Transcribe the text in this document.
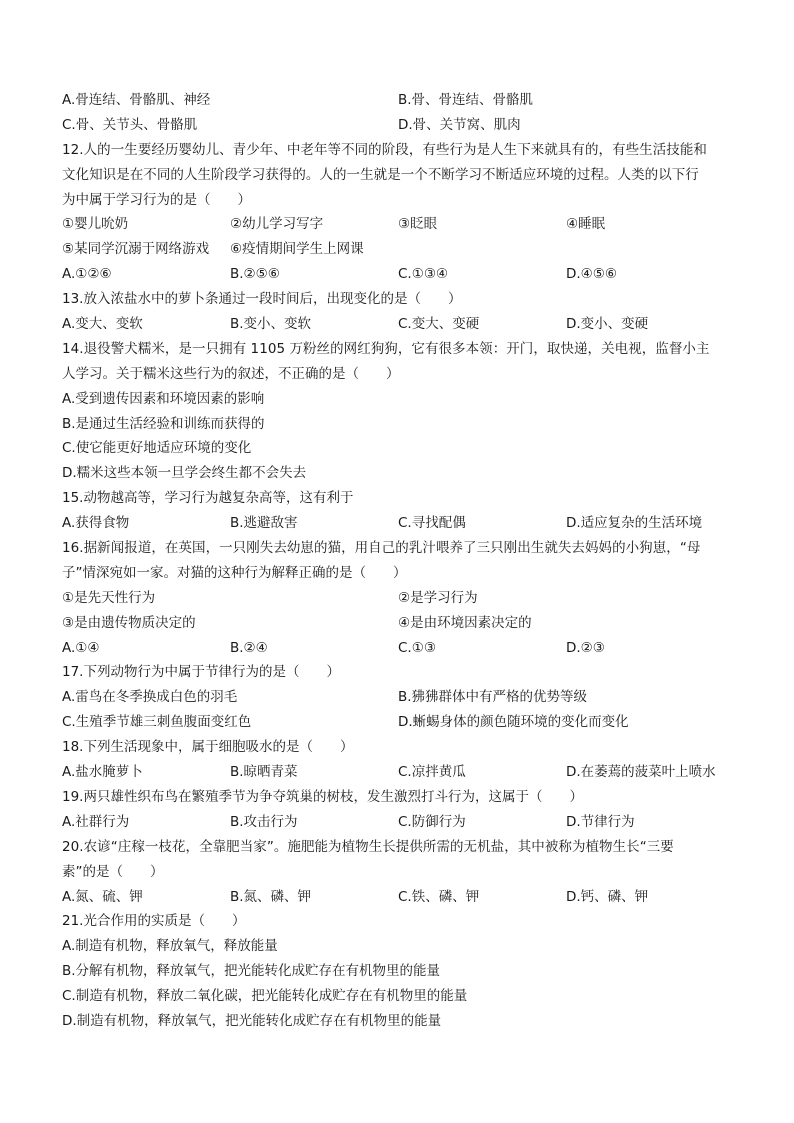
A.骨连结、骨骼肌、神经	B.骨、骨连结、骨骼肌
C.骨、关节头、骨骼肌	D.骨、关节窝、肌肉
12.人的一生要经历婴幼儿、青少年、中老年等不同的阶段，有些行为是人生下来就具有的，有些生活技能和
文化知识是在不同的人生阶段学习获得的。人的一生就是一个不断学习不断适应环境的过程。人类的以下行
为中属于学习行为的是（　　）
①婴儿吮奶	②幼儿学习写字	③眨眼	④睡眠
⑤某同学沉溺于网络游戏 ⑥疫情期间学生上网课
A.①②⑥	B.②⑤⑥	C.①③④	D.④⑤⑥
13.放入浓盐水中的萝卜条通过一段时间后，出现变化的是（　　）
A.变大、变软	B.变小、变软	C.变大、变硬	D.变小、变硬
14.退役警犬糯米，是一只拥有 1105 万粉丝的网红狗狗，它有很多本领：开门，取快递，关电视，监督小主
人学习。关于糯米这些行为的叙述，不正确的是（　　）
A.受到遗传因素和环境因素的影响
B.是通过生活经验和训练而获得的
C.使它能更好地适应环境的变化
D.糯米这些本领一旦学会终生都不会失去
15.动物越高等，学习行为越复杂高等，这有利于
A.获得食物	B.逃避敌害	C.寻找配偶	D.适应复杂的生活环境
16.据新闻报道，在英国，一只刚失去幼崽的猫，用自己的乳汁喂养了三只刚出生就失去妈妈的小狗崽，“母
子”情深宛如一家。对猫的这种行为解释正确的是（　　）
①是先天性行为	②是学习行为
③是由遗传物质决定的	④是由环境因素决定的
A.①④	B.②④	C.①③	D.②③
17.下列动物行为中属于节律行为的是（　　）
A.雷鸟在冬季换成白色的羽毛	B.狒狒群体中有严格的优势等级
C.生殖季节雄三刺鱼腹面变红色	D.蜥蜴身体的颜色随环境的变化而变化
18.下列生活现象中，属于细胞吸水的是（　　）
A.盐水腌萝卜	B.晾晒青菜	C.凉拌黄瓜	D.在萎蔫的菠菜叶上喷水
19.两只雄性织布鸟在繁殖季节为争夺筑巢的树枝，发生激烈打斗行为，这属于（　　）
A.社群行为	B.攻击行为	C.防御行为	D.节律行为
20.农谚“庄稼一枝花，全靠肥当家”。施肥能为植物生长提供所需的无机盐，其中被称为植物生长“三要
素”的是（　　）
A.氮、硫、钾	B.氮、磷、钾	C.铁、磷、钾	D.钙、磷、钾
21.光合作用的实质是（　　）
A.制造有机物，释放氧气，释放能量
B.分解有机物，释放氧气，把光能转化成贮存在有机物里的能量
C.制造有机物，释放二氧化碳，把光能转化成贮存在有机物里的能量
D.制造有机物，释放氧气，把光能转化成贮存在有机物里的能量
